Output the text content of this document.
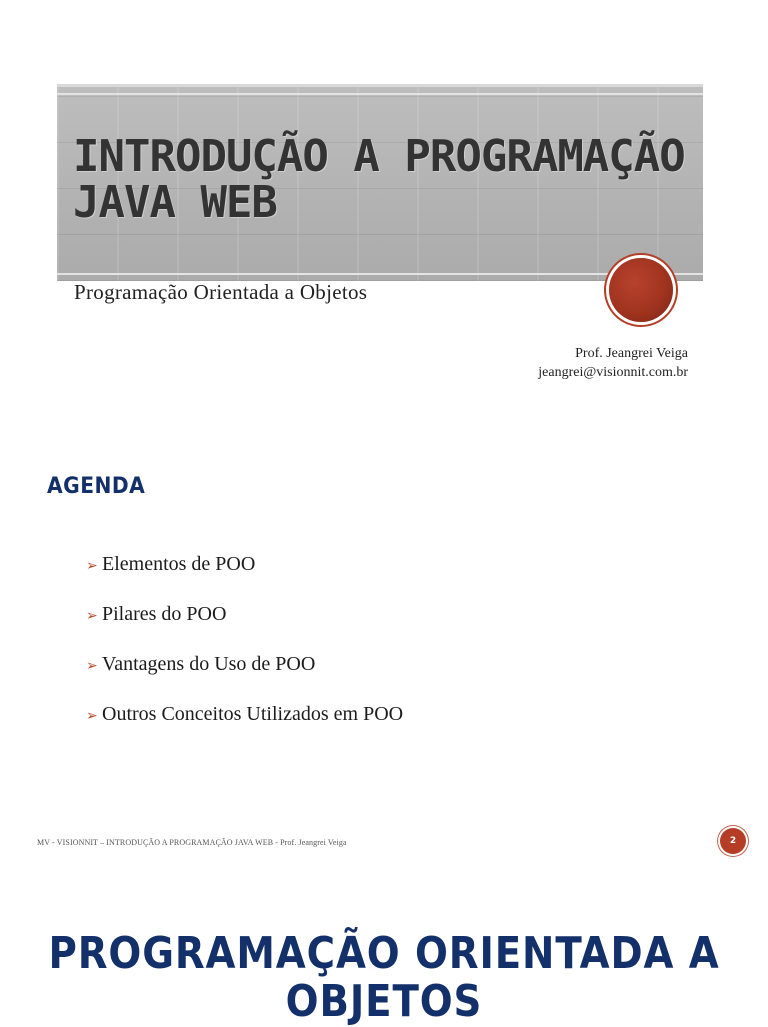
INTRODUÇÃO A PROGRAMAÇÃO JAVA WEB

Programação Orientada a Objetos

Prof. Jeangrei Veiga
jeangrei@visionnit.com.br
AGENDA
➢ Elementos de POO
➢ Pilares do POO
➢ Vantagens do Uso de POO
➢ Outros Conceitos Utilizados em POO

MV - VISIONNIT – INTRODUÇÃO A PROGRAMAÇÃO JAVA WEB - Prof. Jeangrei Veiga	2
PROGRAMAÇÃO ORIENTADA A OBJETOS
